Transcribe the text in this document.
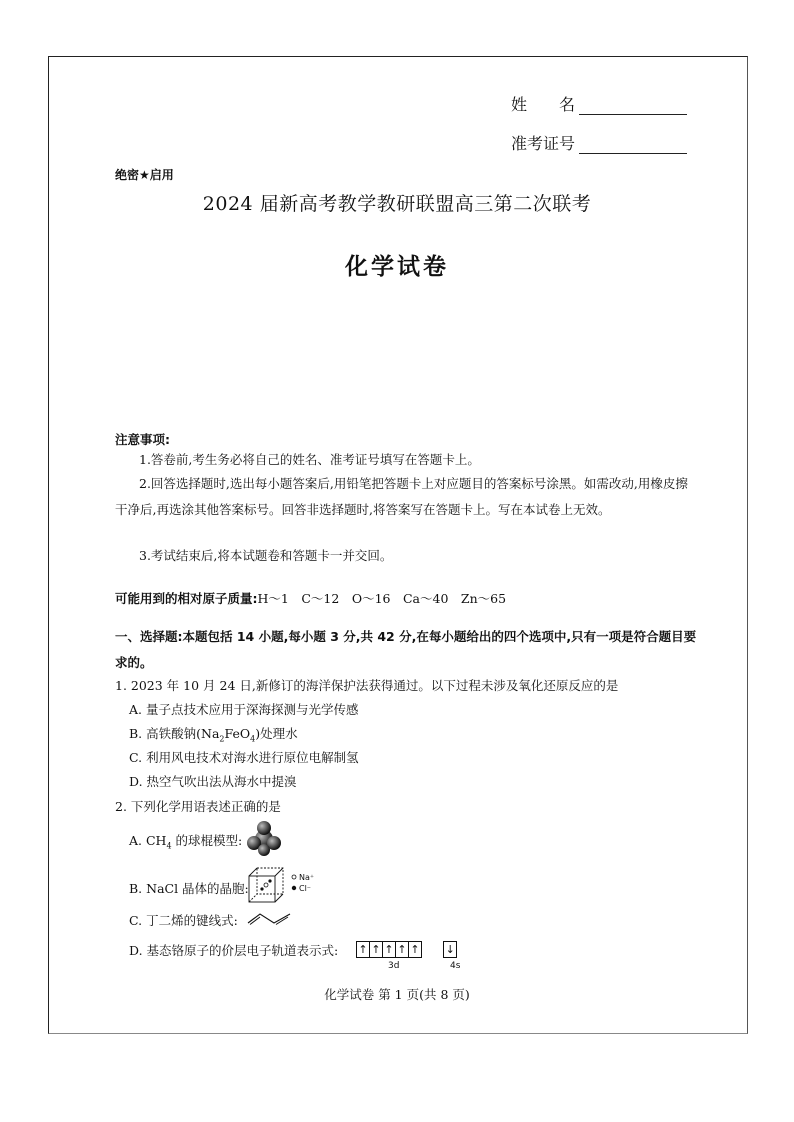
姓　　名
准考证号
绝密★启用
2024 届新高考教学教研联盟高三第二次联考
化学试卷
注意事项:
1.答卷前,考生务必将自己的姓名、准考证号填写在答题卡上。
2.回答选择题时,选出每小题答案后,用铅笔把答题卡上对应题目的答案标号涂黑。如需改动,用橡皮擦干净后,再选涂其他答案标号。回答非选择题时,将答案写在答题卡上。写在本试卷上无效。
3.考试结束后,将本试题卷和答题卡一并交回。
可能用到的相对原子质量:H～1　C～12　O～16　Ca～40　Zn～65
一、选择题:本题包括 14 小题,每小题 3 分,共 42 分,在每小题给出的四个选项中,只有一项是符合题目要求的。
1. 2023 年 10 月 24 日,新修订的海洋保护法获得通过。以下过程未涉及氧化还原反应的是
A. 量子点技术应用于深海探测与光学传感
B. 高铁酸钠$(Na_2FeO_4)$处理水
C. 利用风电技术对海水进行原位电解制氢
D. 热空气吹出法从海水中提溴
2. 下列化学用语表述正确的是
A. $CH_4$ 的球棍模型:
B. NaCl 晶体的晶胞:
Na⁺
Cl⁻
C. 丁二烯的键线式:
D. 基态铬原子的价层电子轨道表示式: ↑ ↑ ↑ ↑ ↑ ↓
3d	4s
化学试卷 第 1 页(共 8 页)
